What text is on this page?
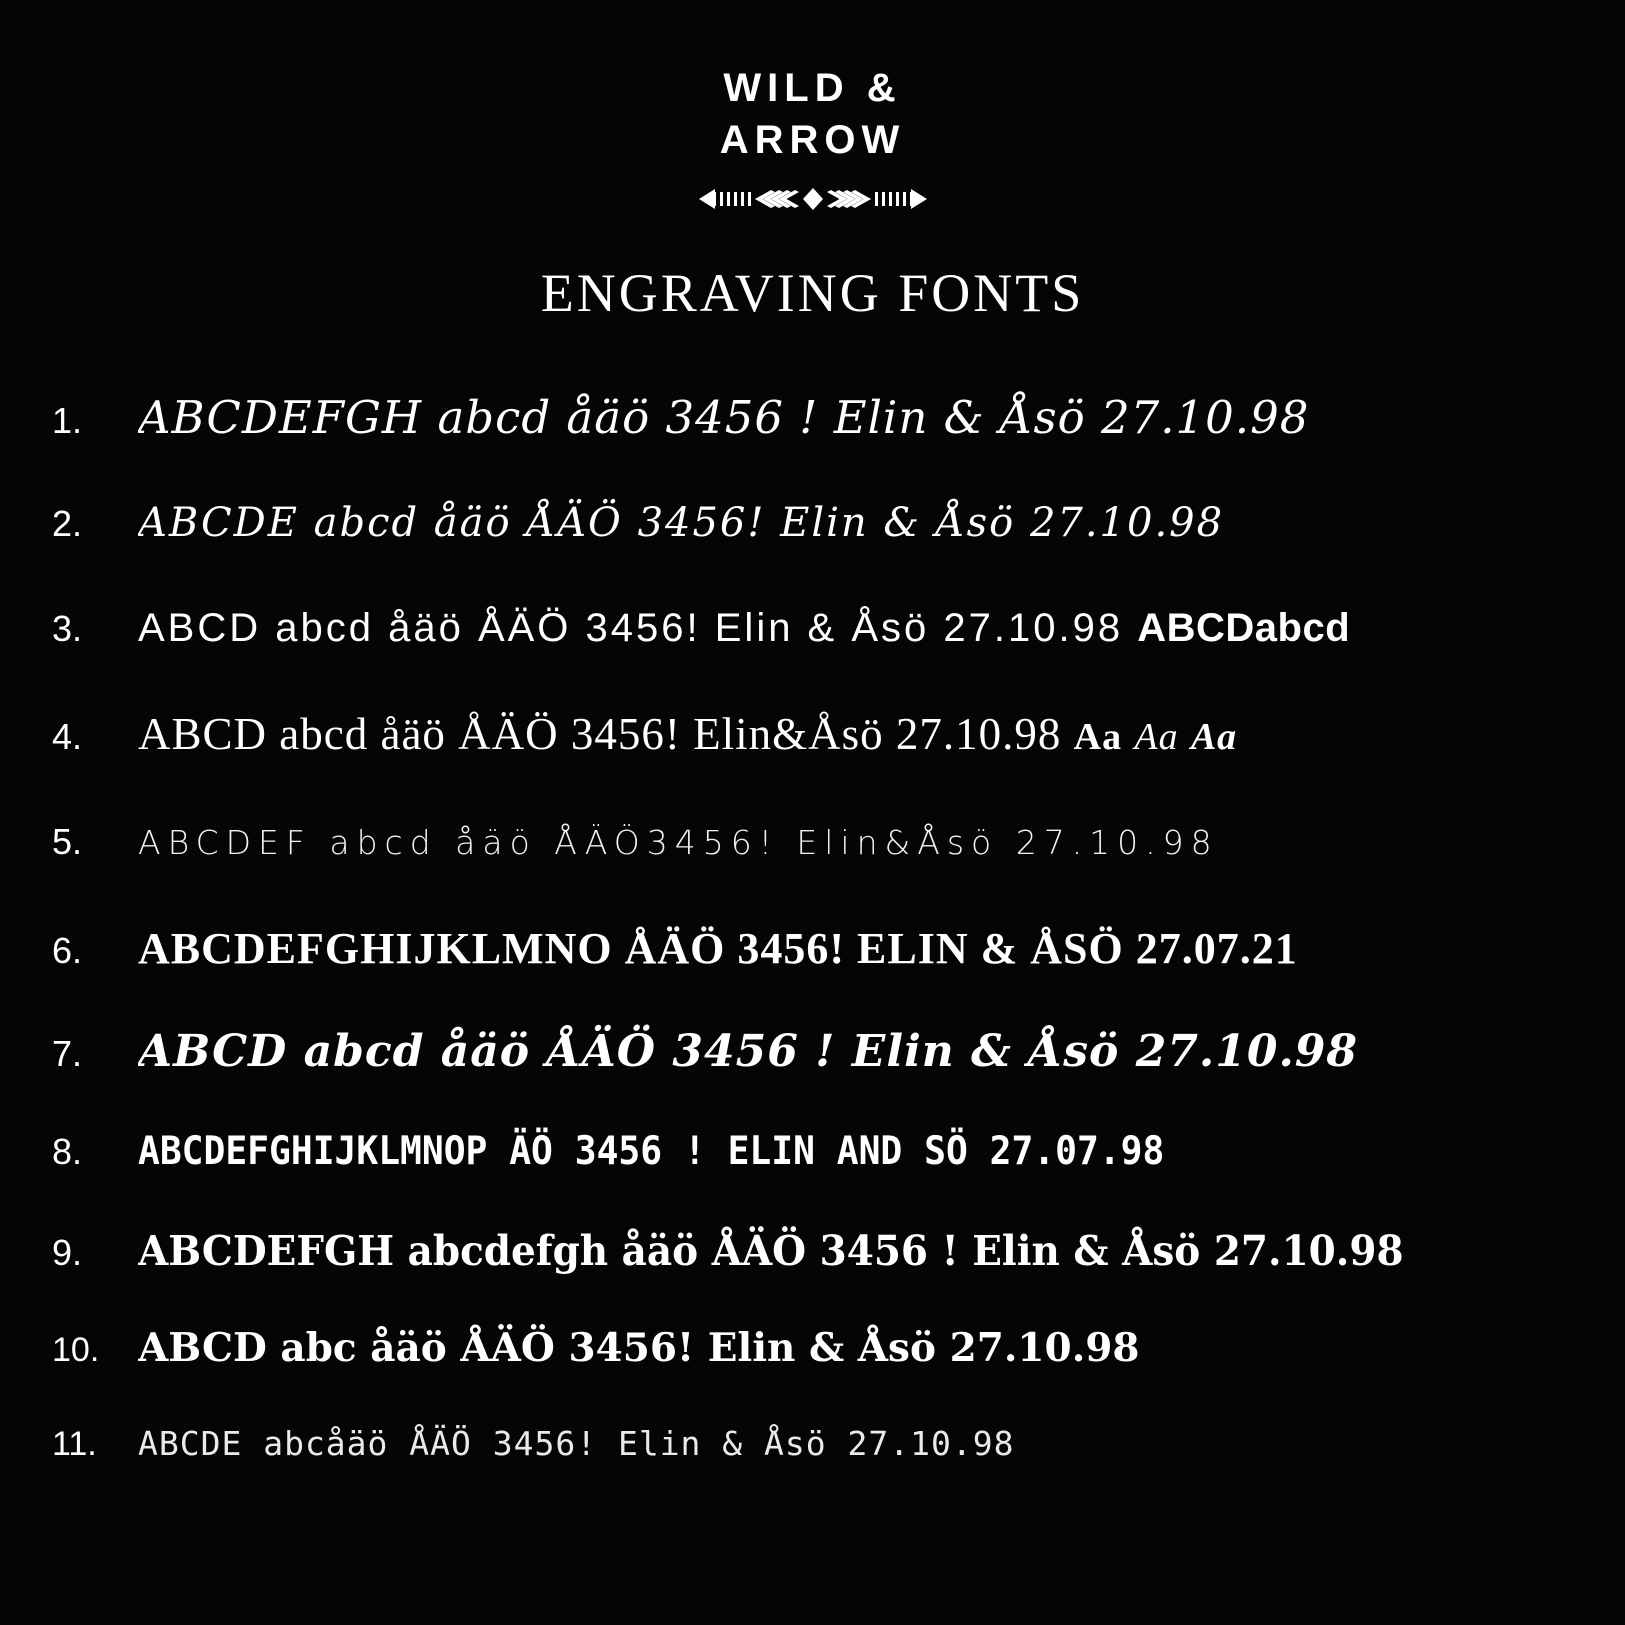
WILD &
ARROW
ENGRAVING FONTS
1.	ABCDEFGH abcd åäö 3456 ! Elin & Åsö 27.10.98
2.	ABCDE abcd åäö ÅÄÖ 3456! Elin & Åsö 27.10.98
3.	ABCD abcd åäö ÅÄÖ 3456! Elin & Åsö 27.10.98 ABCDabcd
4.	ABCD abcd åäö ÅÄÖ 3456! Elin&Åsö 27.10.98 Aa Aa Aa
5.	ABCDEF abcd åäö ÅÄÖ3456! Elin&Åsö 27.10.98
6.	ABCDEFGHIJKLMNO ÅÄÖ 3456! ELIN & ÅSÖ 27.07.21
7.	ABCD abcd åäö ÅÄÖ 3456 ! Elin & Åsö 27.10.98
8.	ABCDEFGHIJKLMNOP ÄÖ 3456 ! ELIN AND SÖ 27.07.98
9.	ABCDEFGH abcdefgh åäö ÅÄÖ 3456 ! Elin & Åsö 27.10.98
10. ABCD abc åäö ÅÄÖ 3456! Elin & Åsö 27.10.98
11.	ABCDE abcåäö ÅÄÖ 3456! Elin & Åsö 27.10.98
